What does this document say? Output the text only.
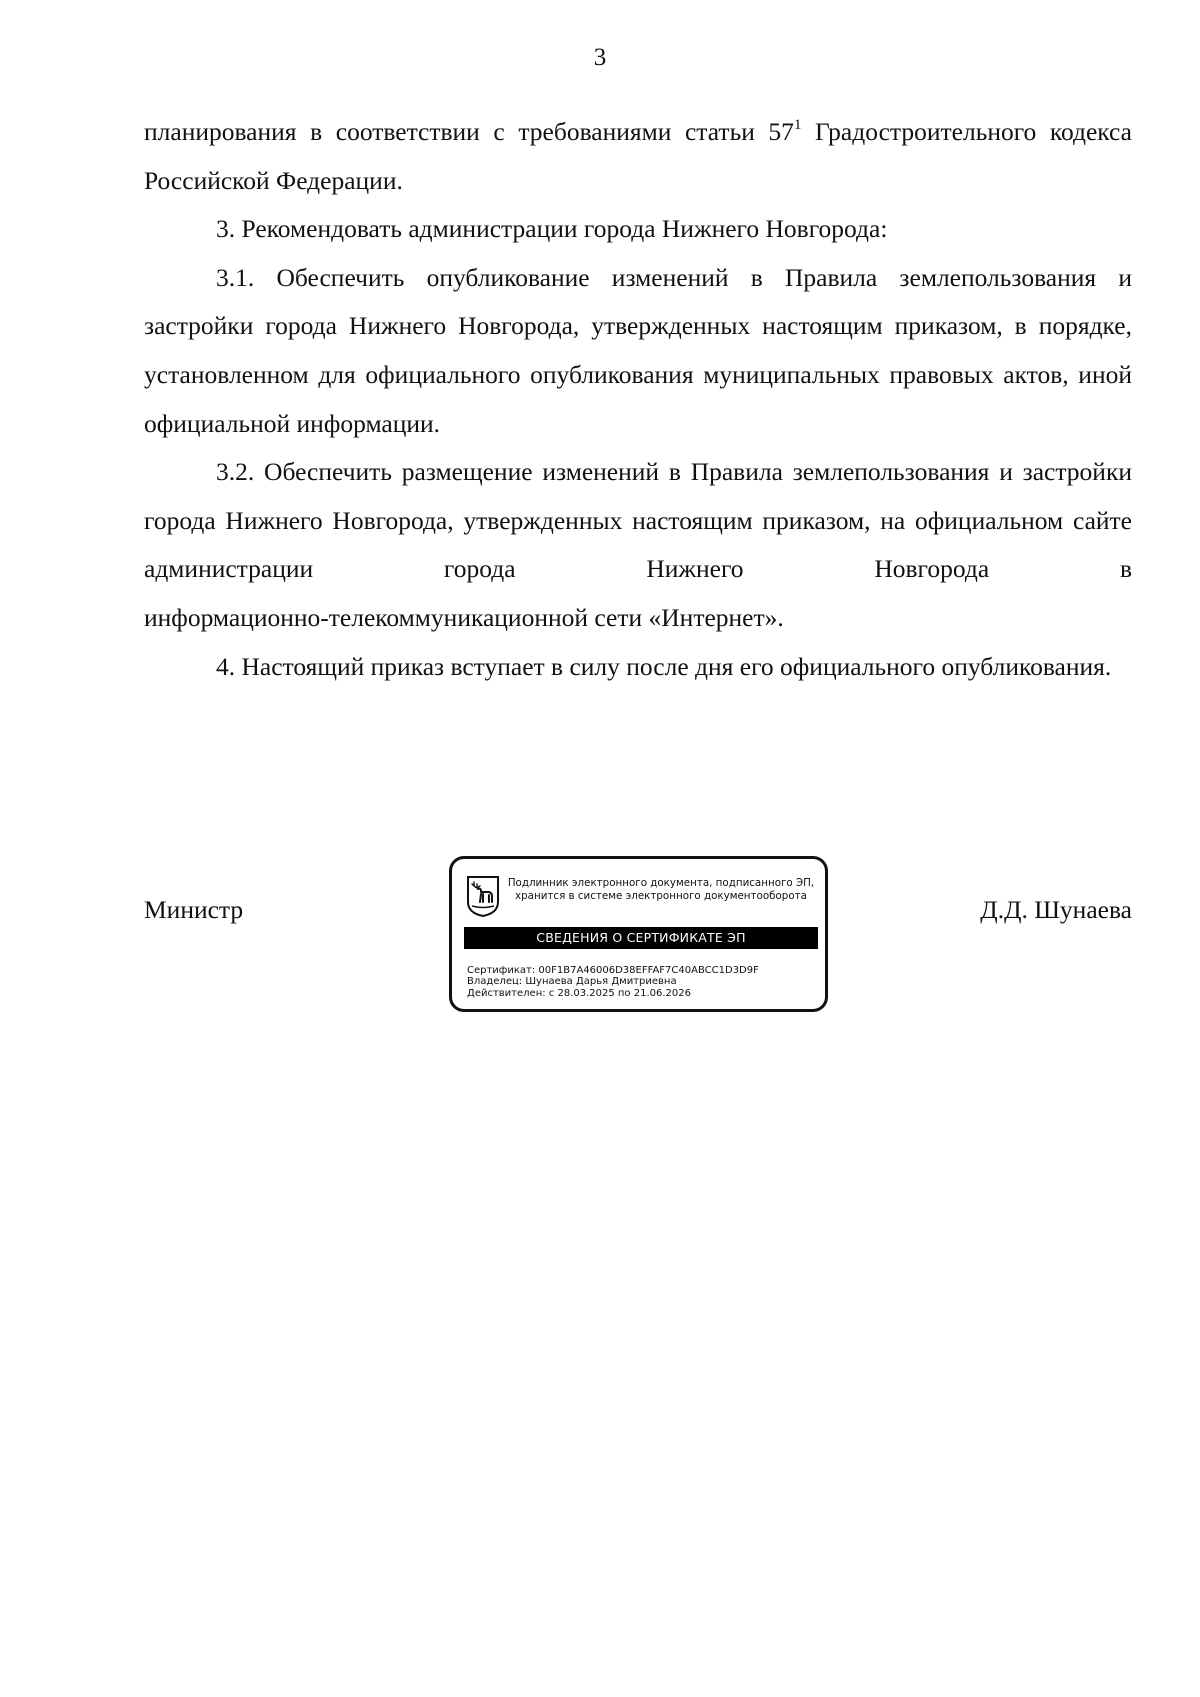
3

планирования в соответствии с требованиями статьи $57^1$ Градостроительного кодекса Российской Федерации.

3. Рекомендовать администрации города Нижнего Новгорода:

3.1. Обеспечить опубликование изменений в Правила землепользования и застройки города Нижнего Новгорода, утвержденных настоящим приказом, в порядке, установленном для официального опубликования муниципальных правовых актов, иной официальной информации.

3.2. Обеспечить размещение изменений в Правила землепользования и застройки города Нижнего Новгорода, утвержденных настоящим приказом, на официальном сайте администрации города Нижнего Новгорода в

информационно-телекоммуникационной сети «Интернет».

4. Настоящий приказ вступает в силу после дня его официального опубликования.

Министр	Д.Д. Шунаева
Подлинник электронного документа, подписанного ЭП,
хранится в системе электронного документооборота
СВЕДЕНИЯ О СЕРТИФИКАТЕ ЭП
Сертификат: 00F1B7A46006D38EFFAF7C40ABCC1D3D9F
Владелец: Шунаева Дарья Дмитриевна
Действителен: с 28.03.2025 по 21.06.2026
